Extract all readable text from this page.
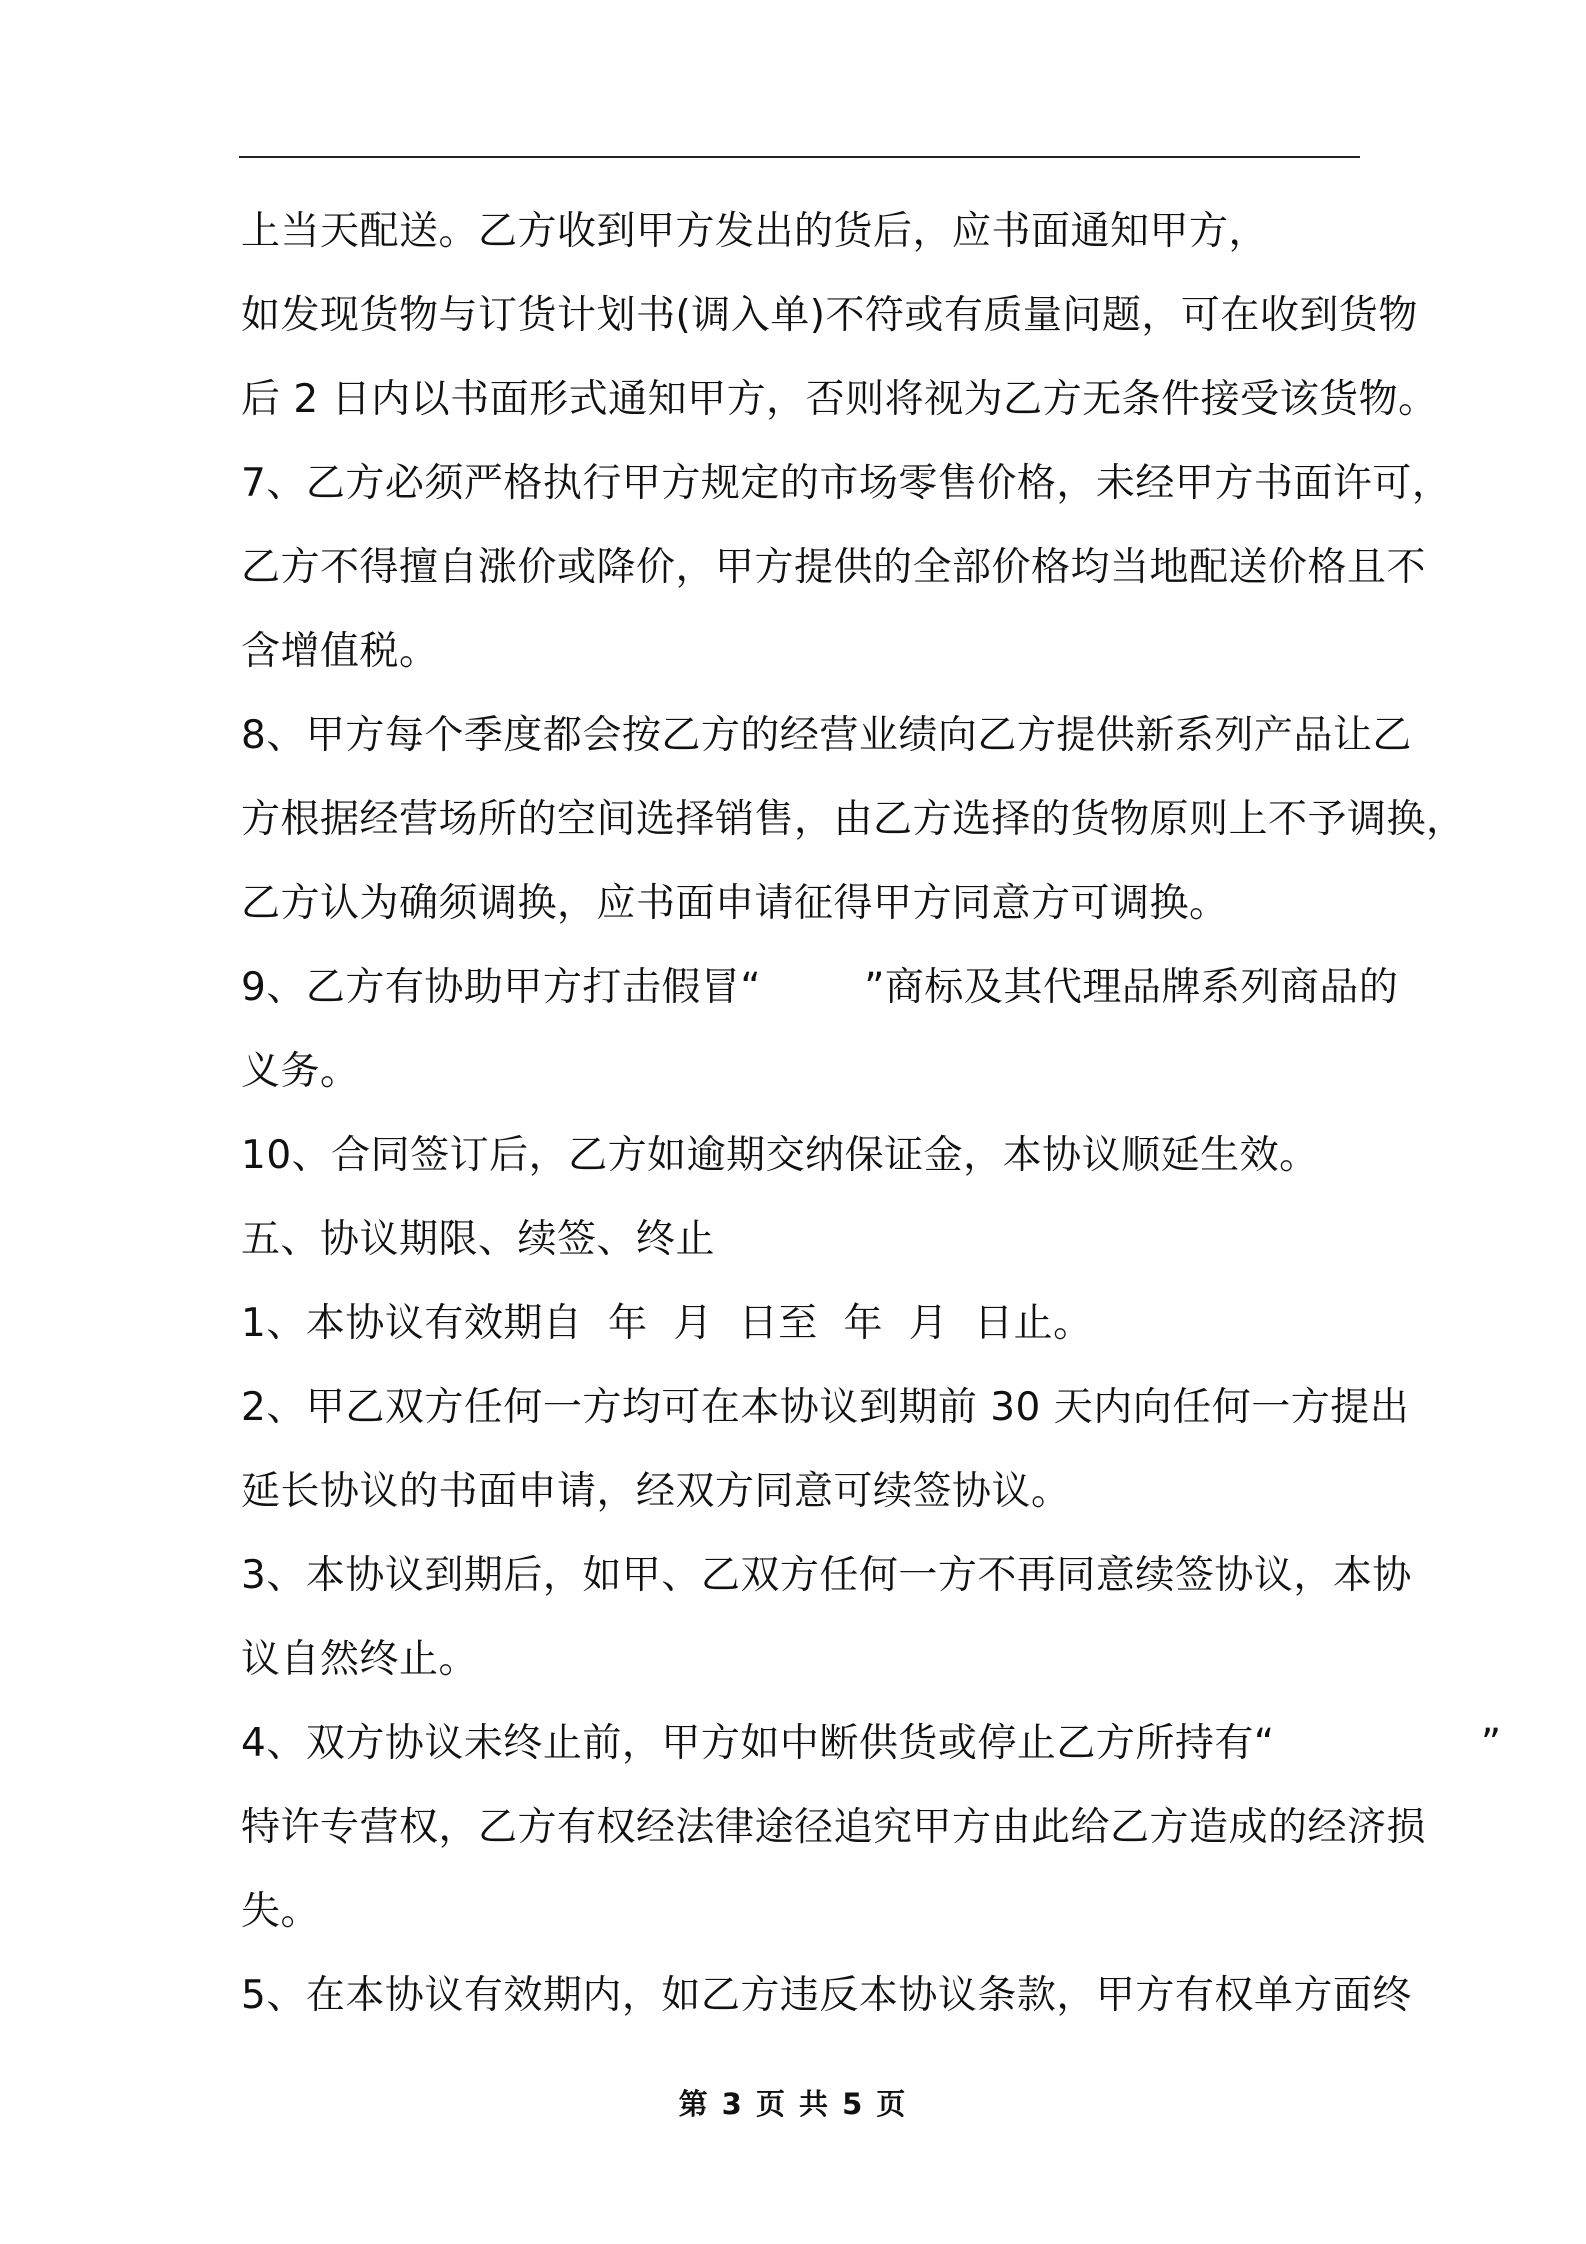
上当天配送。乙方收到甲方发出的货后，应书面通知甲方，
如发现货物与订货计划书(调入单)不符或有质量问题，可在收到货物
后 2 日内以书面形式通知甲方，否则将视为乙方无条件接受该货物。
7、乙方必须严格执行甲方规定的市场零售价格，未经甲方书面许可，
乙方不得擅自涨价或降价，甲方提供的全部价格均当地配送价格且不
含增值税。
8、甲方每个季度都会按乙方的经营业绩向乙方提供新系列产品让乙
方根据经营场所的空间选择销售，由乙方选择的货物原则上不予调换，
乙方认为确须调换，应书面申请征得甲方同意方可调换。
9、乙方有协助甲方打击假冒“        ”商标及其代理品牌系列商品的
义务。
10、合同签订后，乙方如逾期交纳保证金，本协议顺延生效。
五、协议期限、续签、终止
1、本协议有效期自  年  月  日至  年  月  日止。
2、甲乙双方任何一方均可在本协议到期前 30 天内向任何一方提出
延长协议的书面申请，经双方同意可续签协议。
3、本协议到期后，如甲、乙双方任何一方不再同意续签协议，本协
议自然终止。
4、双方协议未终止前，甲方如中断供货或停止乙方所持有“                ”
特许专营权，乙方有权经法律途径追究甲方由此给乙方造成的经济损
失。
5、在本协议有效期内，如乙方违反本协议条款，甲方有权单方面终
第 3 页 共 5 页
